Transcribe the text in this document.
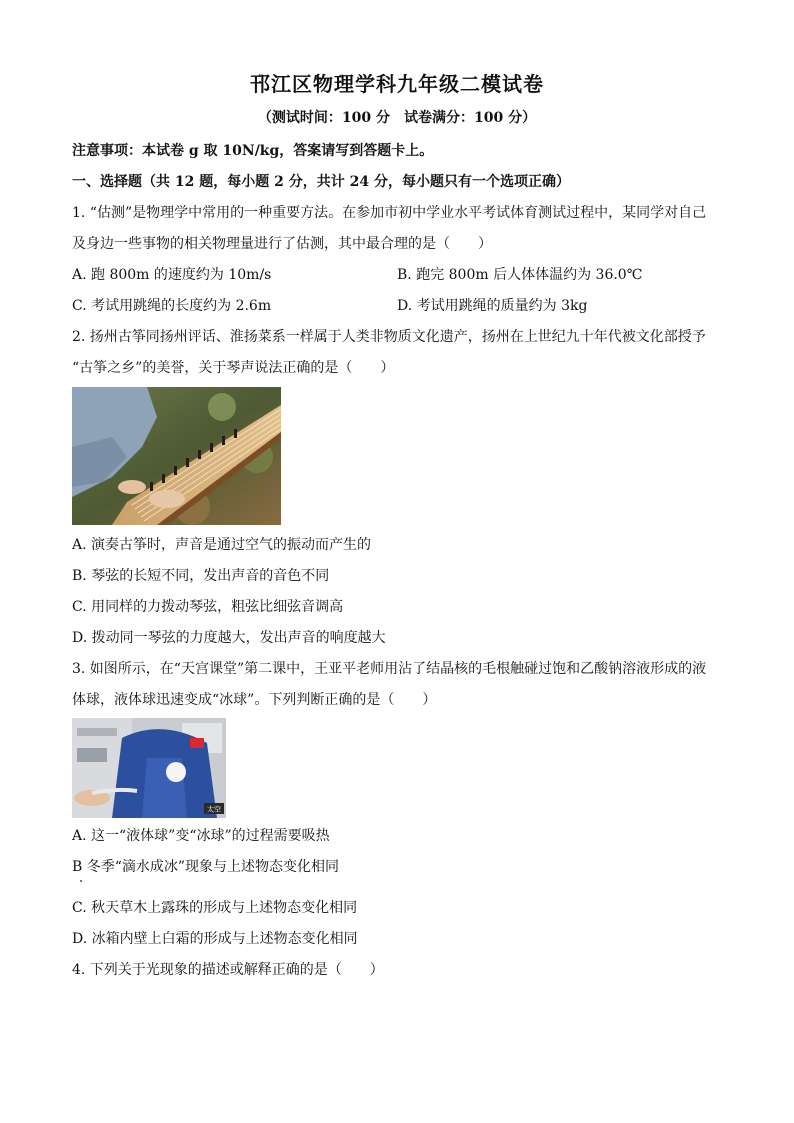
邗江区物理学科九年级二模试卷
（测试时间：100 分　试卷满分：100 分）
注意事项：本试卷 g 取 10N/kg，答案请写到答题卡上。
一、选择题（共 12 题，每小题 2 分，共计 24 分，每小题只有一个选项正确）
1. “估测”是物理学中常用的一种重要方法。在参加市初中学业水平考试体育测试过程中，某同学对自己
及身边一些事物的相关物理量进行了估测，其中最合理的是（　　）
A. 跑 800m 的速度约为 10m/s	B. 跑完 800m 后人体体温约为 36.0℃
C. 考试用跳绳的长度约为 2.6m	D. 考试用跳绳的质量约为 3kg
2. 扬州古筝同扬州评话、淮扬菜系一样属于人类非物质文化遗产，扬州在上世纪九十年代被文化部授予
“古筝之乡”的美誉，关于琴声说法正确的是（　　）
A. 演奏古筝时，声音是通过空气的振动而产生的
B. 琴弦的长短不同，发出声音的音色不同
C. 用同样的力拨动琴弦，粗弦比细弦音调高
D. 拨动同一琴弦的力度越大，发出声音的响度越大
3. 如图所示，在“天宫课堂”第二课中，王亚平老师用沾了结晶核的毛根触碰过饱和乙酸钠溶液形成的液
体球，液体球迅速变成“冰球”。下列判断正确的是（　　）
太空
A. 这一“液体球”变“冰球”的过程需要吸热
B 冬季“滴水成冰”现象与上述物态变化相同
C. 秋天草木上露珠的形成与上述物态变化相同
D. 冰箱内壁上白霜的形成与上述物态变化相同
4. 下列关于光现象的描述或解释正确的是（　　）
